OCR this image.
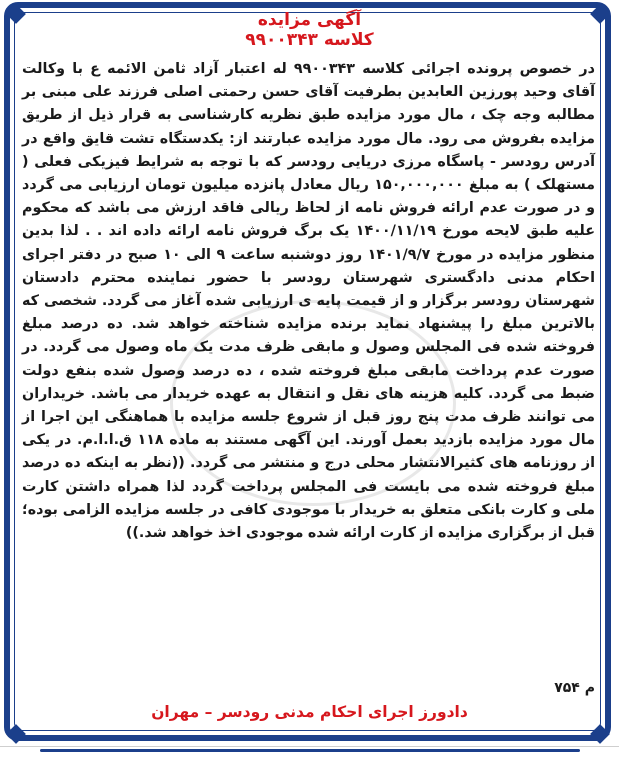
آگهی مزایده
کلاسه ۹۹۰۰۳۴۳
در خصوص پرونده اجرائی کلاسه ۹۹۰۰۳۴۳ له اعتبار آزاد ثامن الائمه ع با وکالت آقای وحید پورزین العابدین بطرفیت آقای حسن رحمتی اصلی فرزند علی مبنی بر مطالبه وجه چک ، مال مورد مزایده طبق نظریه کارشناسی به قرار ذیل از طریق مزایده بفروش می رود. مال مورد مزایده عبارتند از: یکدستگاه تشت قایق واقع در آدرس رودسر - پاسگاه مرزی دریایی رودسر که با توجه به شرایط فیزیکی فعلی ( مستهلک ) به مبلغ ۱۵۰,۰۰۰,۰۰۰ ریال معادل پانزده میلیون تومان ارزیابی می گردد و در صورت عدم ارائه فروش نامه از لحاظ ریالی فاقد ارزش می باشد که محکوم علیه طبق لایحه مورخ ۱۴۰۰/۱۱/۱۹ یک برگ فروش نامه ارائه داده اند . . لذا بدین منظور مزایده در مورخ ۱۴۰۱/۹/۷ روز دوشنبه ساعت ۹ الی ۱۰ صبح در دفتر اجرای احکام مدنی دادگستری شهرستان رودسر با حضور نماینده محترم دادستان شهرستان رودسر برگزار و از قیمت پایه ی ارزیابی شده آغاز می گردد. شخصی که بالاترین مبلغ را پیشنهاد نماید برنده مزایده شناخته خواهد شد. ده درصد مبلغ فروخته شده فی المجلس وصول و مابقی ظرف مدت یک ماه وصول می گردد. در صورت عدم پرداخت مابقی مبلغ فروخته شده ، ده درصد وصول شده بنفع دولت ضبط می گردد. کلیه هزینه های نقل و انتقال به عهده خریدار می باشد. خریداران می توانند ظرف مدت پنج روز قبل از شروع جلسه مزایده با هماهنگی این اجرا از مال مورد مزایده بازدید بعمل آورند. این آگهی مستند به ماده ۱۱۸ ق.ا.ا.م. در یکی از روزنامه های کثیرالانتشار محلی درج و منتشر می گردد. ((نظر به اینکه ده درصد مبلغ فروخته شده می بایست فی المجلس پرداخت گردد لذا همراه داشتن کارت ملی و کارت بانکی متعلق به خریدار با موجودی کافی در جلسه مزایده الزامی بوده؛ قبل از برگزاری مزایده از کارت ارائه شده موجودی اخذ خواهد شد.))
م ۷۵۴
دادورز اجرای احکام مدنی رودسر – مهران
